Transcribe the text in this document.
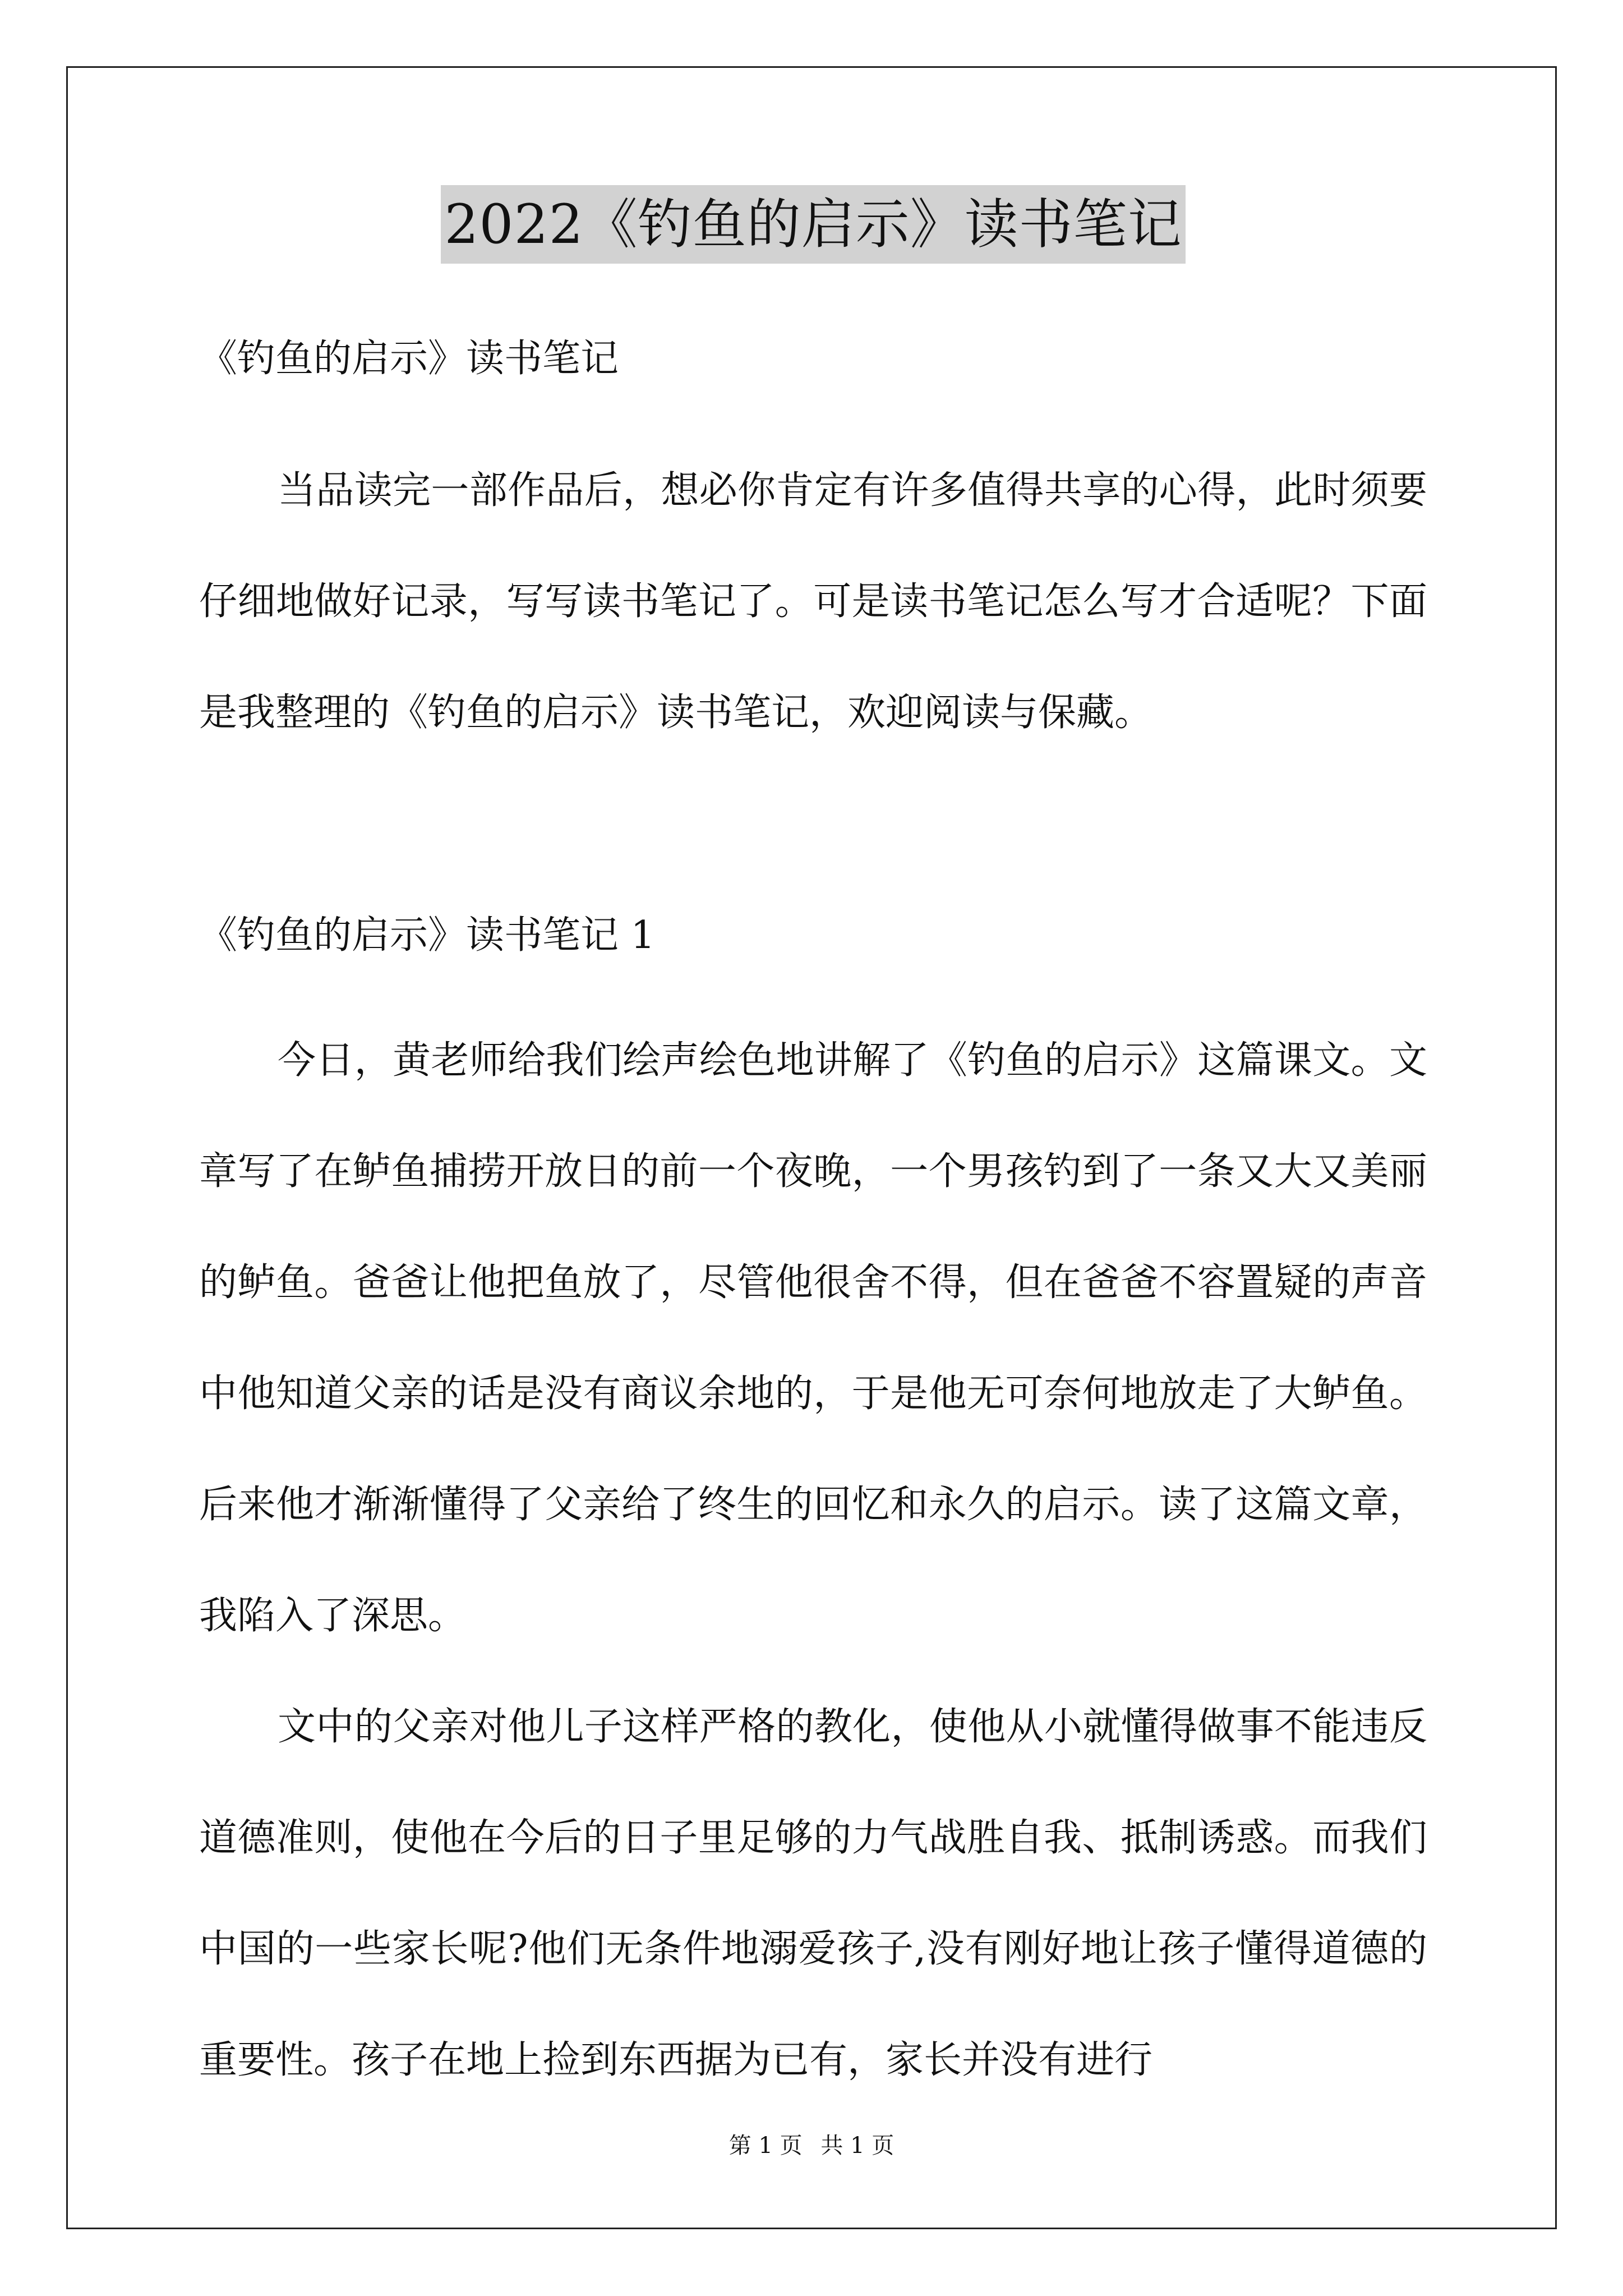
2022《钓鱼的启示》读书笔记

《钓鱼的启示》读书笔记

当品读完一部作品后，想必你肯定有许多值得共享的心得，此时须要仔细地做好记录，写写读书笔记了。可是读书笔记怎么写才合适呢？下面是我整理的《钓鱼的启示》读书笔记，欢迎阅读与保藏。

《钓鱼的启示》读书笔记 1

今日，黄老师给我们绘声绘色地讲解了《钓鱼的启示》这篇课文。文章写了在鲈鱼捕捞开放日的前一个夜晚，一个男孩钓到了一条又大又美丽的鲈鱼。爸爸让他把鱼放了，尽管他很舍不得，但在爸爸不容置疑的声音中他知道父亲的话是没有商议余地的，于是他无可奈何地放走了大鲈鱼。后来他才渐渐懂得了父亲给了终生的回忆和永久的启示。读了这篇文章，我陷入了深思。

文中的父亲对他儿子这样严格的教化，使他从小就懂得做事不能违反道德准则，使他在今后的日子里足够的力气战胜自我、抵制诱惑。而我们中国的一些家长呢?他们无条件地溺爱孩子,没有刚好地让孩子懂得道德的重要性。孩子在地上捡到东西据为已有，家长并没有进行

第 1 页 共 1 页
